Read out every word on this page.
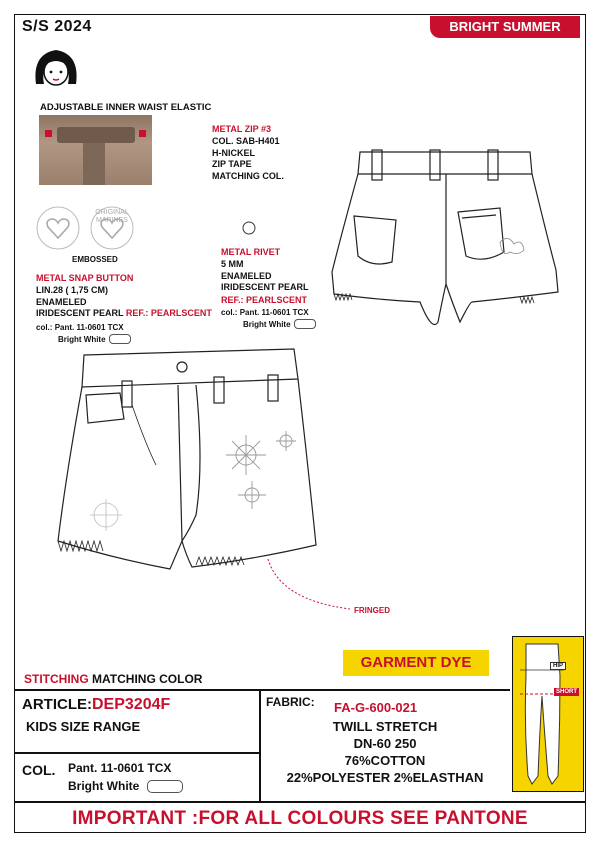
S/S 2024	BRIGHT SUMMER
ADJUSTABLE INNER WAIST ELASTIC
METAL ZIP #3
COL. SAB-H401
H-NICKEL
ZIP TAPE
MATCHING COL.
ORIGINAL MARINES
EMBOSSED
METAL RIVET
5 MM
ENAMELED
IRIDESCENT PEARL
REF.: PEARLSCENT
col.: Pant. 11-0601 TCX
Bright White
METAL SNAP BUTTON
LIN.28 ( 1,75 CM)
ENAMELED
IRIDESCENT PEARL REF.: PEARLSCENT
col.: Pant. 11-0601 TCX
Bright White
FRINGED
STITCHING MATCHING COLOR
GARMENT DYE
ARTICLE:DEP3204F
KIDS SIZE RANGE
COL. Pant. 11-0601 TCX
Bright White
FABRIC: FA-G-600-021
TWILL STRETCH
DN-60 250
76%COTTON
22%POLYESTER 2%ELASTHAN
HIP
SHORT
IMPORTANT :FOR ALL COLOURS SEE PANTONE
